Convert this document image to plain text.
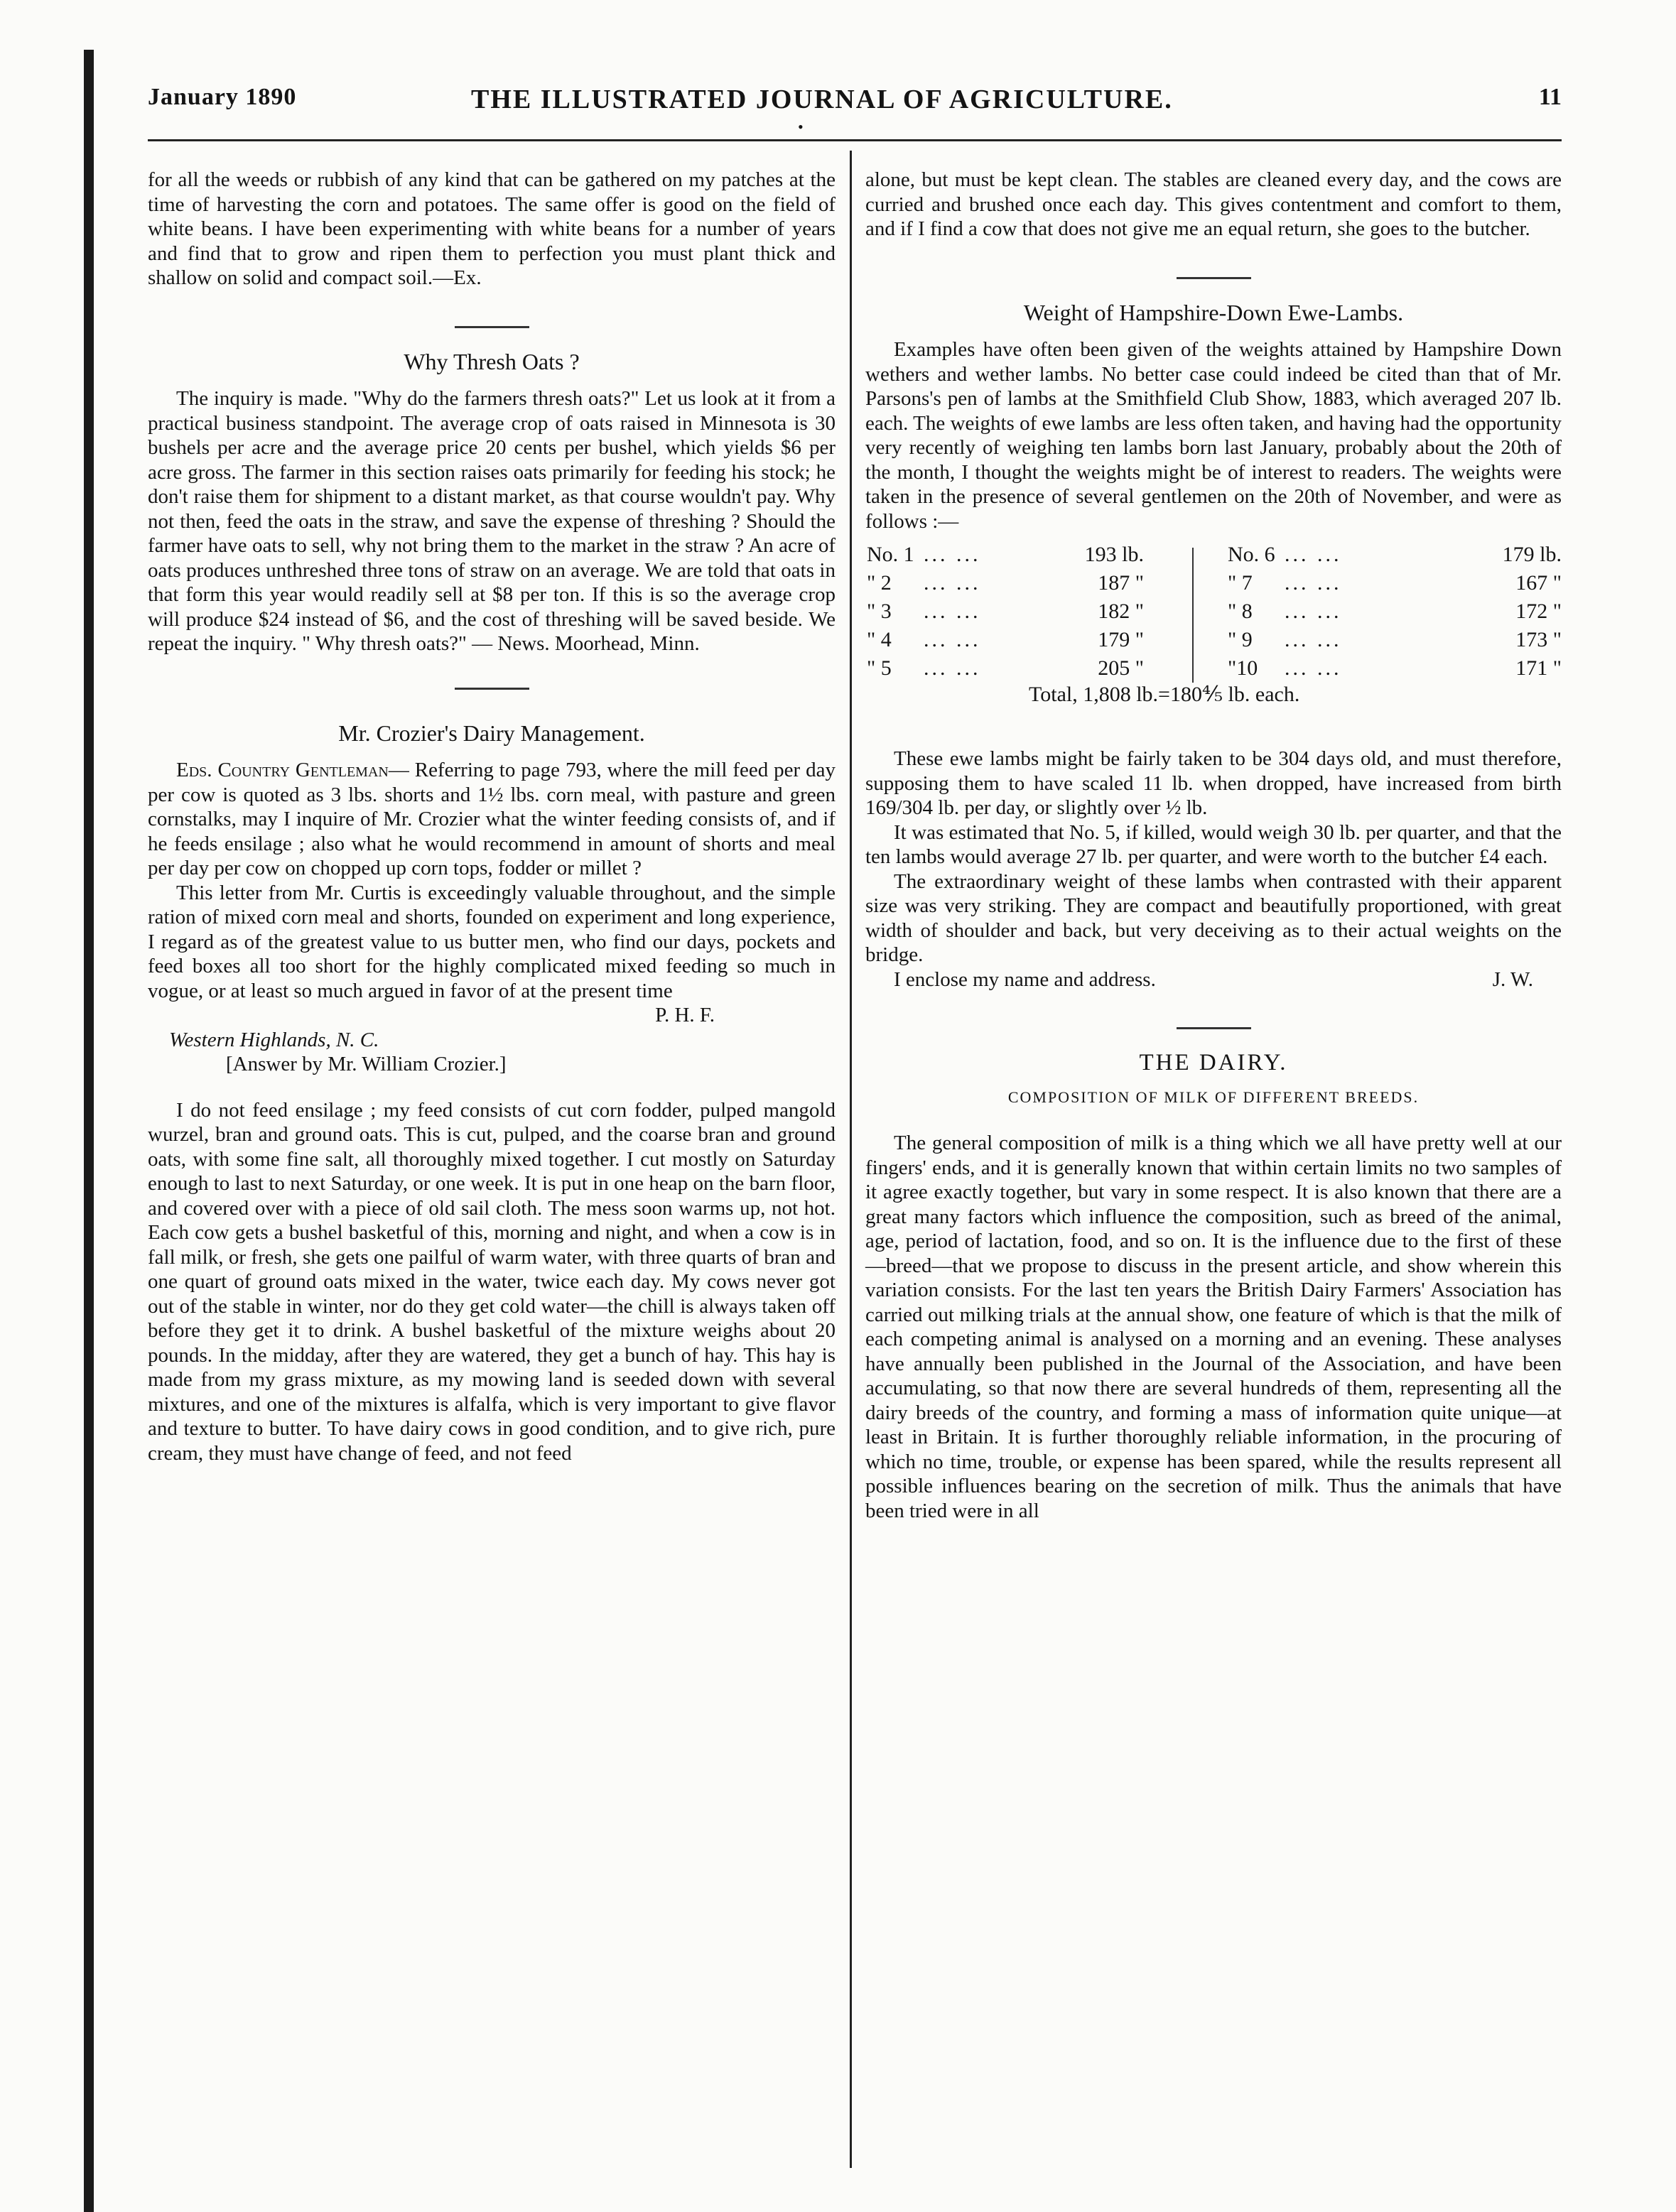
January 1890	THE ILLUSTRATED JOURNAL OF AGRICULTURE.	11
•

for all the weeds or rubbish of any kind that can be gathered on my patches at the time of harvesting the corn and potatoes. The same offer is good on the field of white beans. I have been experimenting with white beans for a number of years and find that to grow and ripen them to perfection you must plant thick and shallow on solid and compact soil.—Ex.

Why Thresh Oats ?

The inquiry is made. "Why do the farmers thresh oats?" Let us look at it from a practical business standpoint. The average crop of oats raised in Minnesota is 30 bushels per acre and the average price 20 cents per bushel, which yields $6 per acre gross. The farmer in this section raises oats primarily for feeding his stock; he don't raise them for shipment to a distant market, as that course wouldn't pay. Why not then, feed the oats in the straw, and save the expense of threshing ? Should the farmer have oats to sell, why not bring them to the market in the straw ? An acre of oats produces unthreshed three tons of straw on an average. We are told that oats in that form this year would readily sell at $8 per ton. If this is so the average crop will produce $24 instead of $6, and the cost of threshing will be saved beside. We repeat the inquiry. " Why thresh oats?" — News. Moorhead, Minn.

Mr. Crozier's Dairy Management.

Eds. Country Gentleman— Referring to page 793, where the mill feed per day per cow is quoted as 3 lbs. shorts and 1½ lbs. corn meal, with pasture and green cornstalks, may I inquire of Mr. Crozier what the winter feeding consists of, and if he feeds ensilage ; also what he would recommend in amount of shorts and meal per day per cow on chopped up corn tops, fodder or millet ?

This letter from Mr. Curtis is exceedingly valuable throughout, and the simple ration of mixed corn meal and shorts, founded on experiment and long experience, I regard as of the greatest value to us butter men, who find our days, pockets and feed boxes all too short for the highly complicated mixed feeding so much in vogue, or at least so much argued in favor of at the present time

P. H. F.
Western Highlands, N. C.
[Answer by Mr. William Crozier.]

I do not feed ensilage ; my feed consists of cut corn fodder, pulped mangold wurzel, bran and ground oats. This is cut, pulped, and the coarse bran and ground oats, with some fine salt, all thoroughly mixed together. I cut mostly on Saturday enough to last to next Saturday, or one week. It is put in one heap on the barn floor, and covered over with a piece of old sail cloth. The mess soon warms up, not hot. Each cow gets a bushel basketful of this, morning and night, and when a cow is in fall milk, or fresh, she gets one pailful of warm water, with three quarts of bran and one quart of ground oats mixed in the water, twice each day. My cows never got out of the stable in winter, nor do they get cold water—the chill is always taken off before they get it to drink. A bushel basketful of the mixture weighs about 20 pounds. In the midday, after they are watered, they get a bunch of hay. This hay is made from my grass mixture, as my mowing land is seeded down with several mixtures, and one of the mixtures is alfalfa, which is very important to give flavor and texture to butter. To have dairy cows in good condition, and to give rich, pure cream, they must have change of feed, and not feed

alone, but must be kept clean. The stables are cleaned every day, and the cows are curried and brushed once each day. This gives contentment and comfort to them, and if I find a cow that does not give me an equal return, she goes to the butcher.

Weight of Hampshire-Down Ewe-Lambs.

Examples have often been given of the weights attained by Hampshire Down wethers and wether lambs. No better case could indeed be cited than that of Mr. Parsons's pen of lambs at the Smithfield Club Show, 1883, which averaged 207 lb. each. The weights of ewe lambs are less often taken, and having had the opportunity very recently of weighing ten lambs born last January, probably about the 20th of the month, I thought the weights might be of interest to readers. The weights were taken in the presence of several gentlemen on the 20th of November, and were as follows :—

No. 1 ... ...	193 lb.
" 2	... ...	187 "
" 3	... ...	182 "
" 4	... ...	179 "
" 5	... ...	205 "
No. 6 ... ...	179 lb.
" 7	... ...	167 "
" 8	... ...	172 "
" 9	... ...	173 "
"10	... ...	171 "
Total, 1,808 lb.=180⅘ lb. each.

These ewe lambs might be fairly taken to be 304 days old, and must therefore, supposing them to have scaled 11 lb. when dropped, have increased from birth 169/304 lb. per day, or slightly over ½ lb.

It was estimated that No. 5, if killed, would weigh 30 lb. per quarter, and that the ten lambs would average 27 lb. per quarter, and were worth to the butcher £4 each.

The extraordinary weight of these lambs when contrasted with their apparent size was very striking. They are compact and beautifully proportioned, with great width of shoulder and back, but very deceiving as to their actual weights on the bridge.

I enclose my name and address.	J. W.
THE DAIRY.
COMPOSITION OF MILK OF DIFFERENT BREEDS.

The general composition of milk is a thing which we all have pretty well at our fingers' ends, and it is generally known that within certain limits no two samples of it agree exactly together, but vary in some respect. It is also known that there are a great many factors which influence the composition, such as breed of the animal, age, period of lactation, food, and so on. It is the influence due to the first of these—breed—that we propose to discuss in the present article, and show wherein this variation consists. For the last ten years the British Dairy Farmers' Association has carried out milking trials at the annual show, one feature of which is that the milk of each competing animal is analysed on a morning and an evening. These analyses have annually been published in the Journal of the Association, and have been accumulating, so that now there are several hundreds of them, representing all the dairy breeds of the country, and forming a mass of information quite unique—at least in Britain. It is further thoroughly reliable information, in the procuring of which no time, trouble, or expense has been spared, while the results represent all possible influences bearing on the secretion of milk. Thus the animals that have been tried were in all
